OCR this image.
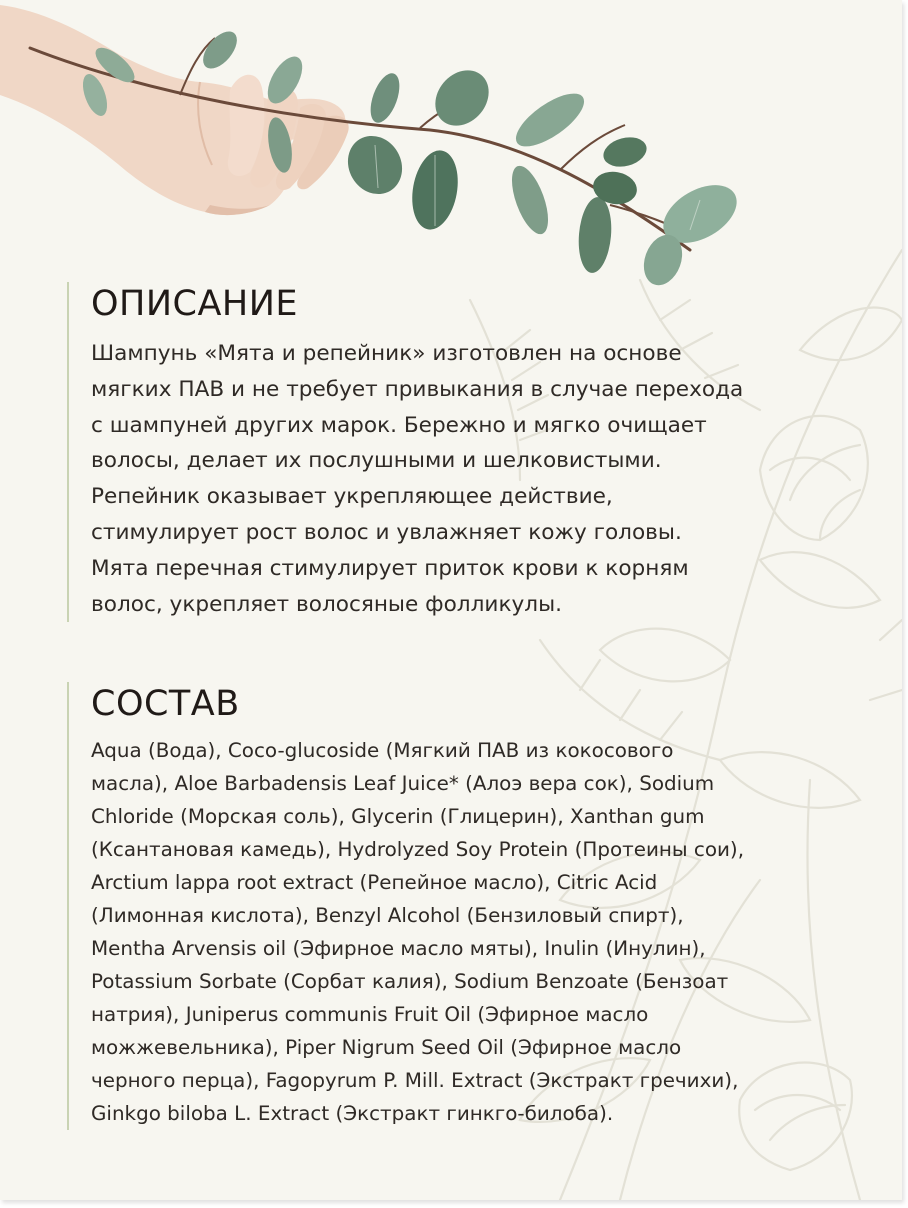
ОПИСАНИЕ

Шампунь «Мята и репейник» изготовлен на основе
мягких ПАВ и не требует привыкания в случае перехода
с шампуней других марок. Бережно и мягко очищает
волосы, делает их послушными и шелковистыми.
Репейник оказывает укрепляющее действие,
стимулирует рост волос и увлажняет кожу головы.
Мята перечная стимулирует приток крови к корням
волос, укрепляет волосяные фолликулы.

СОСТАВ

Aqua (Вода), Coco-glucoside (Мягкий ПАВ из кокосового
масла), Aloe Barbadensis Leaf Juice* (Алоэ вера сок), Sodium
Chloride (Морская соль), Glycerin (Глицерин), Xanthan gum
(Ксантановая камедь), Hydrolyzed Soy Protein (Протеины сои),
Arctium lappa root extract (Репейное масло), Citric Acid
(Лимонная кислота), Benzyl Alcohol (Бензиловый спирт),
Mentha Arvensis oil (Эфирное масло мяты), Inulin (Инулин),
Potassium Sorbate (Сорбат калия), Sodium Benzoate (Бензоат
натрия), Juniperus communis Fruit Oil (Эфирное масло
можжевельника), Piper Nigrum Seed Oil (Эфирное масло
черного перца), Fagopyrum P. Mill. Extract (Экстракт гречихи),
Ginkgo biloba L. Extract (Экстракт гинкго-билоба).
